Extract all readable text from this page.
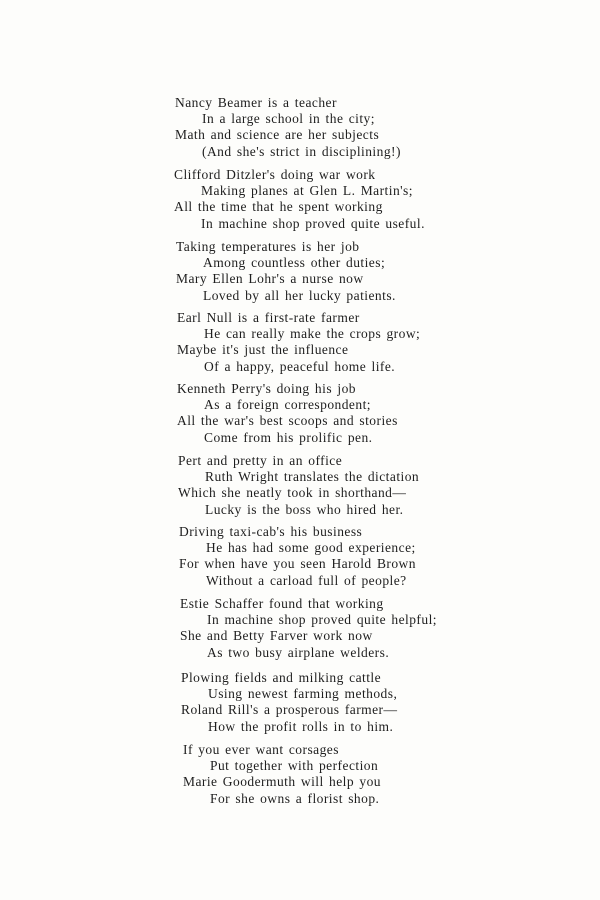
Nancy Beamer is a teacher
In a large school in the city;
Math and science are her subjects
(And she's strict in disciplining!)
Clifford Ditzler's doing war work
Making planes at Glen L. Martin's;
All the time that he spent working
In machine shop proved quite useful.
Taking temperatures is her job
Among countless other duties;
Mary Ellen Lohr's a nurse now
Loved by all her lucky patients.
Earl Null is a first-rate farmer
He can really make the crops grow;
Maybe it's just the influence
Of a happy, peaceful home life.
Kenneth Perry's doing his job
As a foreign correspondent;
All the war's best scoops and stories
Come from his prolific pen.
Pert and pretty in an office
Ruth Wright translates the dictation
Which she neatly took in shorthand—
Lucky is the boss who hired her.
Driving taxi-cab's his business
He has had some good experience;
For when have you seen Harold Brown
Without a carload full of people?
Estie Schaffer found that working
In machine shop proved quite helpful;
She and Betty Farver work now
As two busy airplane welders.
Plowing fields and milking cattle
Using newest farming methods,
Roland Rill's a prosperous farmer—
How the profit rolls in to him.
If you ever want corsages
Put together with perfection
Marie Goodermuth will help you
For she owns a florist shop.
